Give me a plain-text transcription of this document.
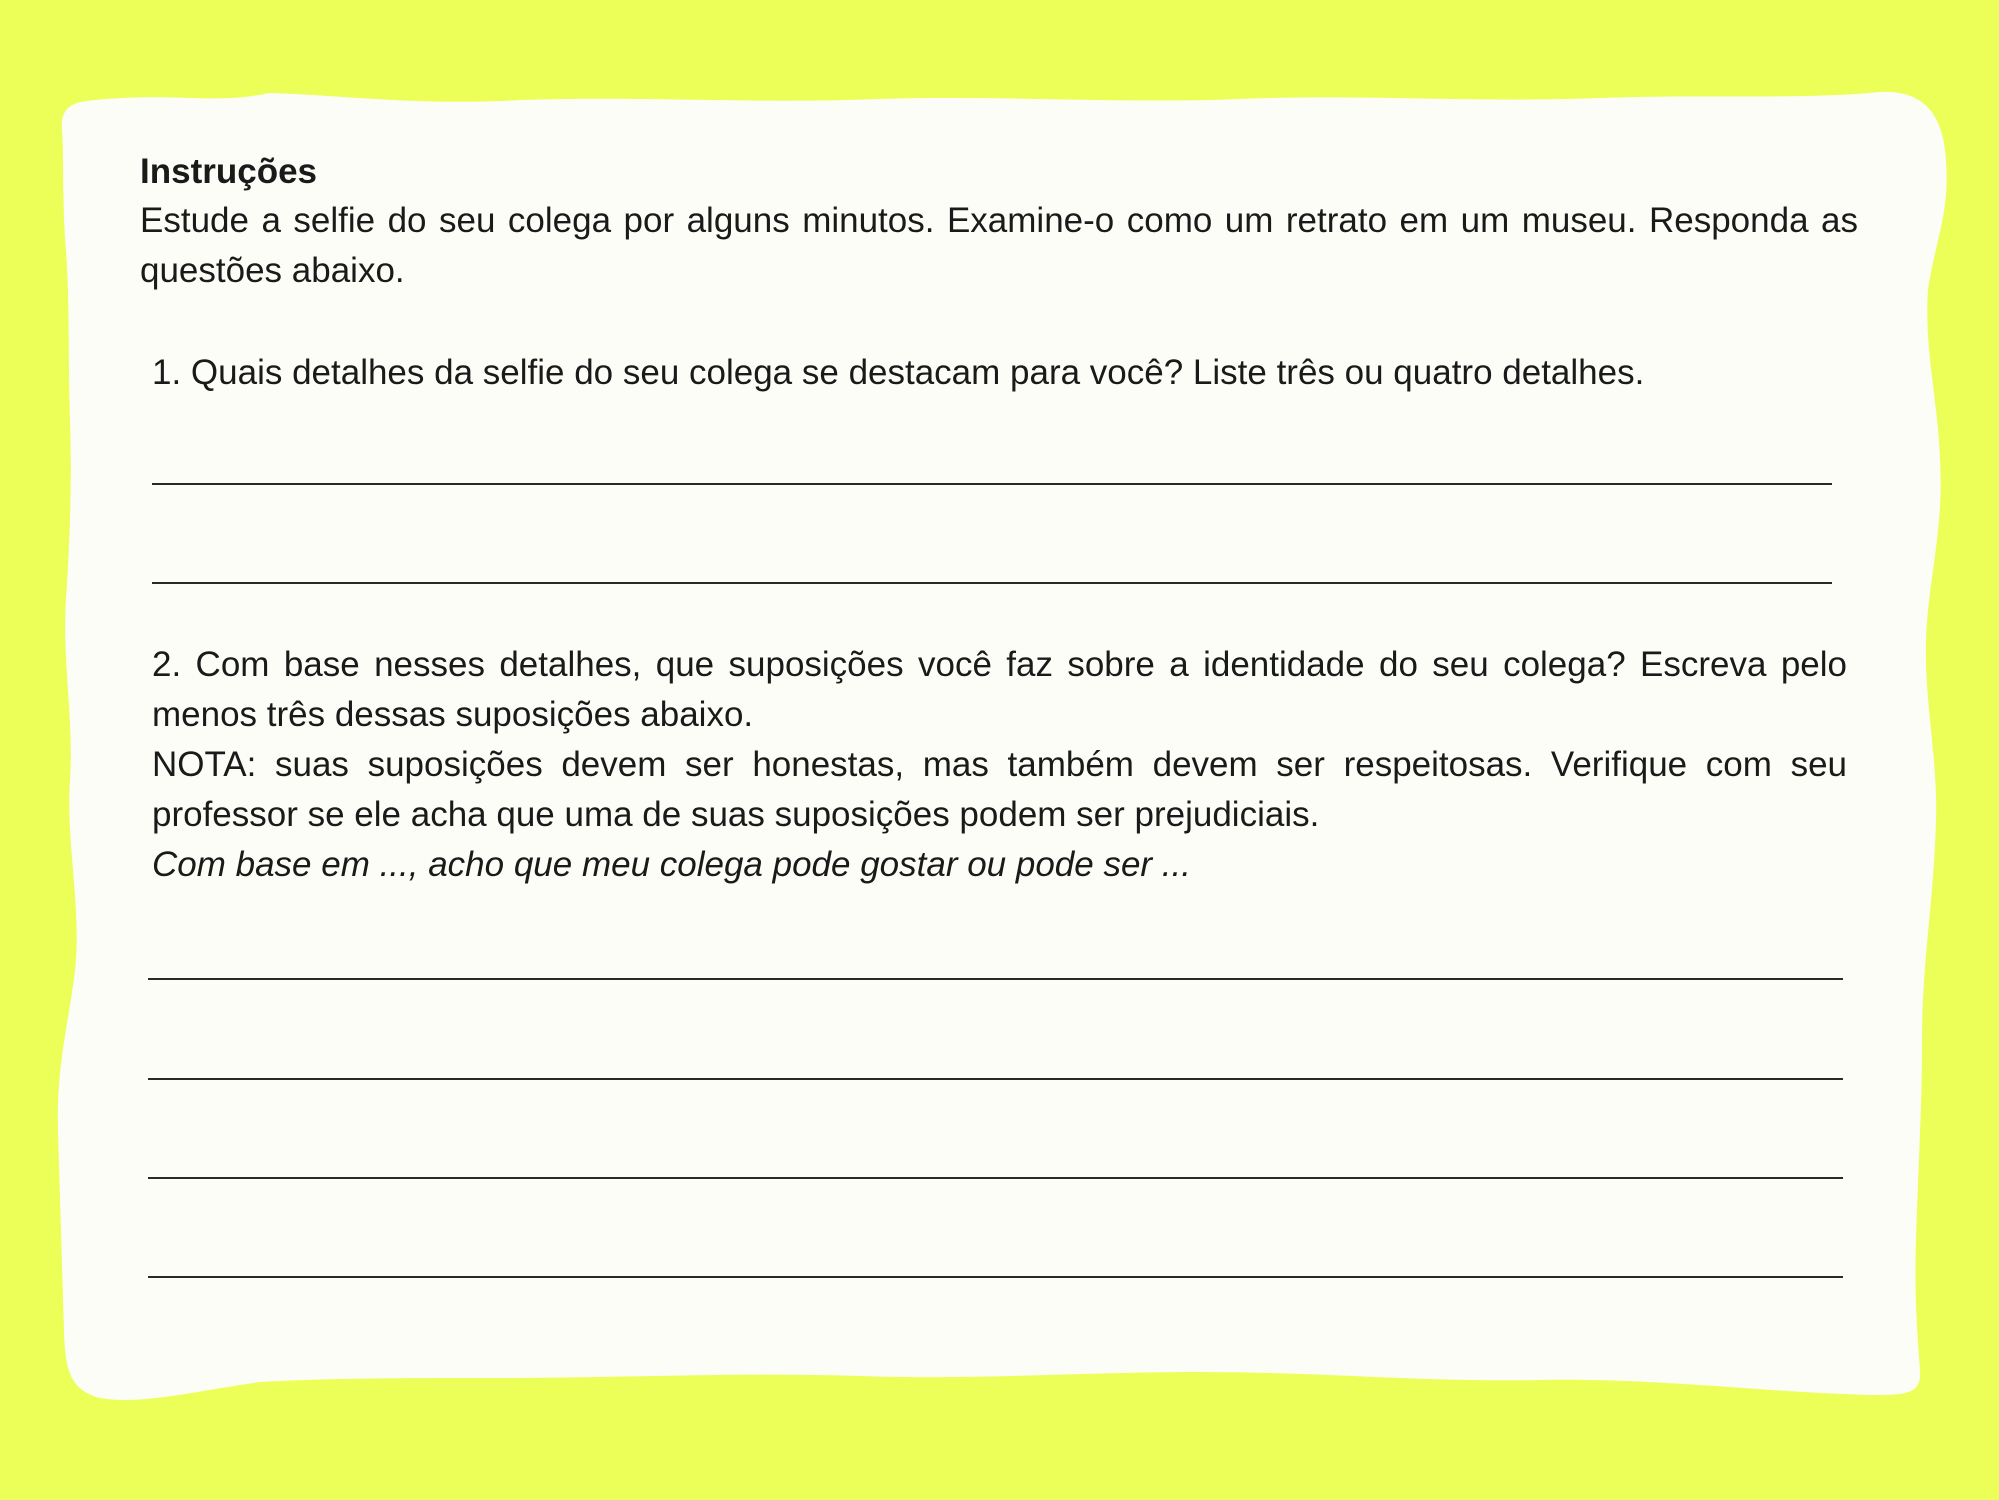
Instruções

Estude a selfie do seu colega por alguns minutos. Examine-o como um retrato em um museu. Responda as questões abaixo.

1. Quais detalhes da selfie do seu colega se destacam para você? Liste três ou quatro detalhes.

2. Com base nesses detalhes, que suposições você faz sobre a identidade do seu colega? Escreva pelo menos três dessas suposições abaixo.
NOTA: suas suposições devem ser honestas, mas também devem ser respeitosas. Verifique com seu professor se ele acha que uma de suas suposições podem ser prejudiciais.
Com base em ..., acho que meu colega pode gostar ou pode ser ...
